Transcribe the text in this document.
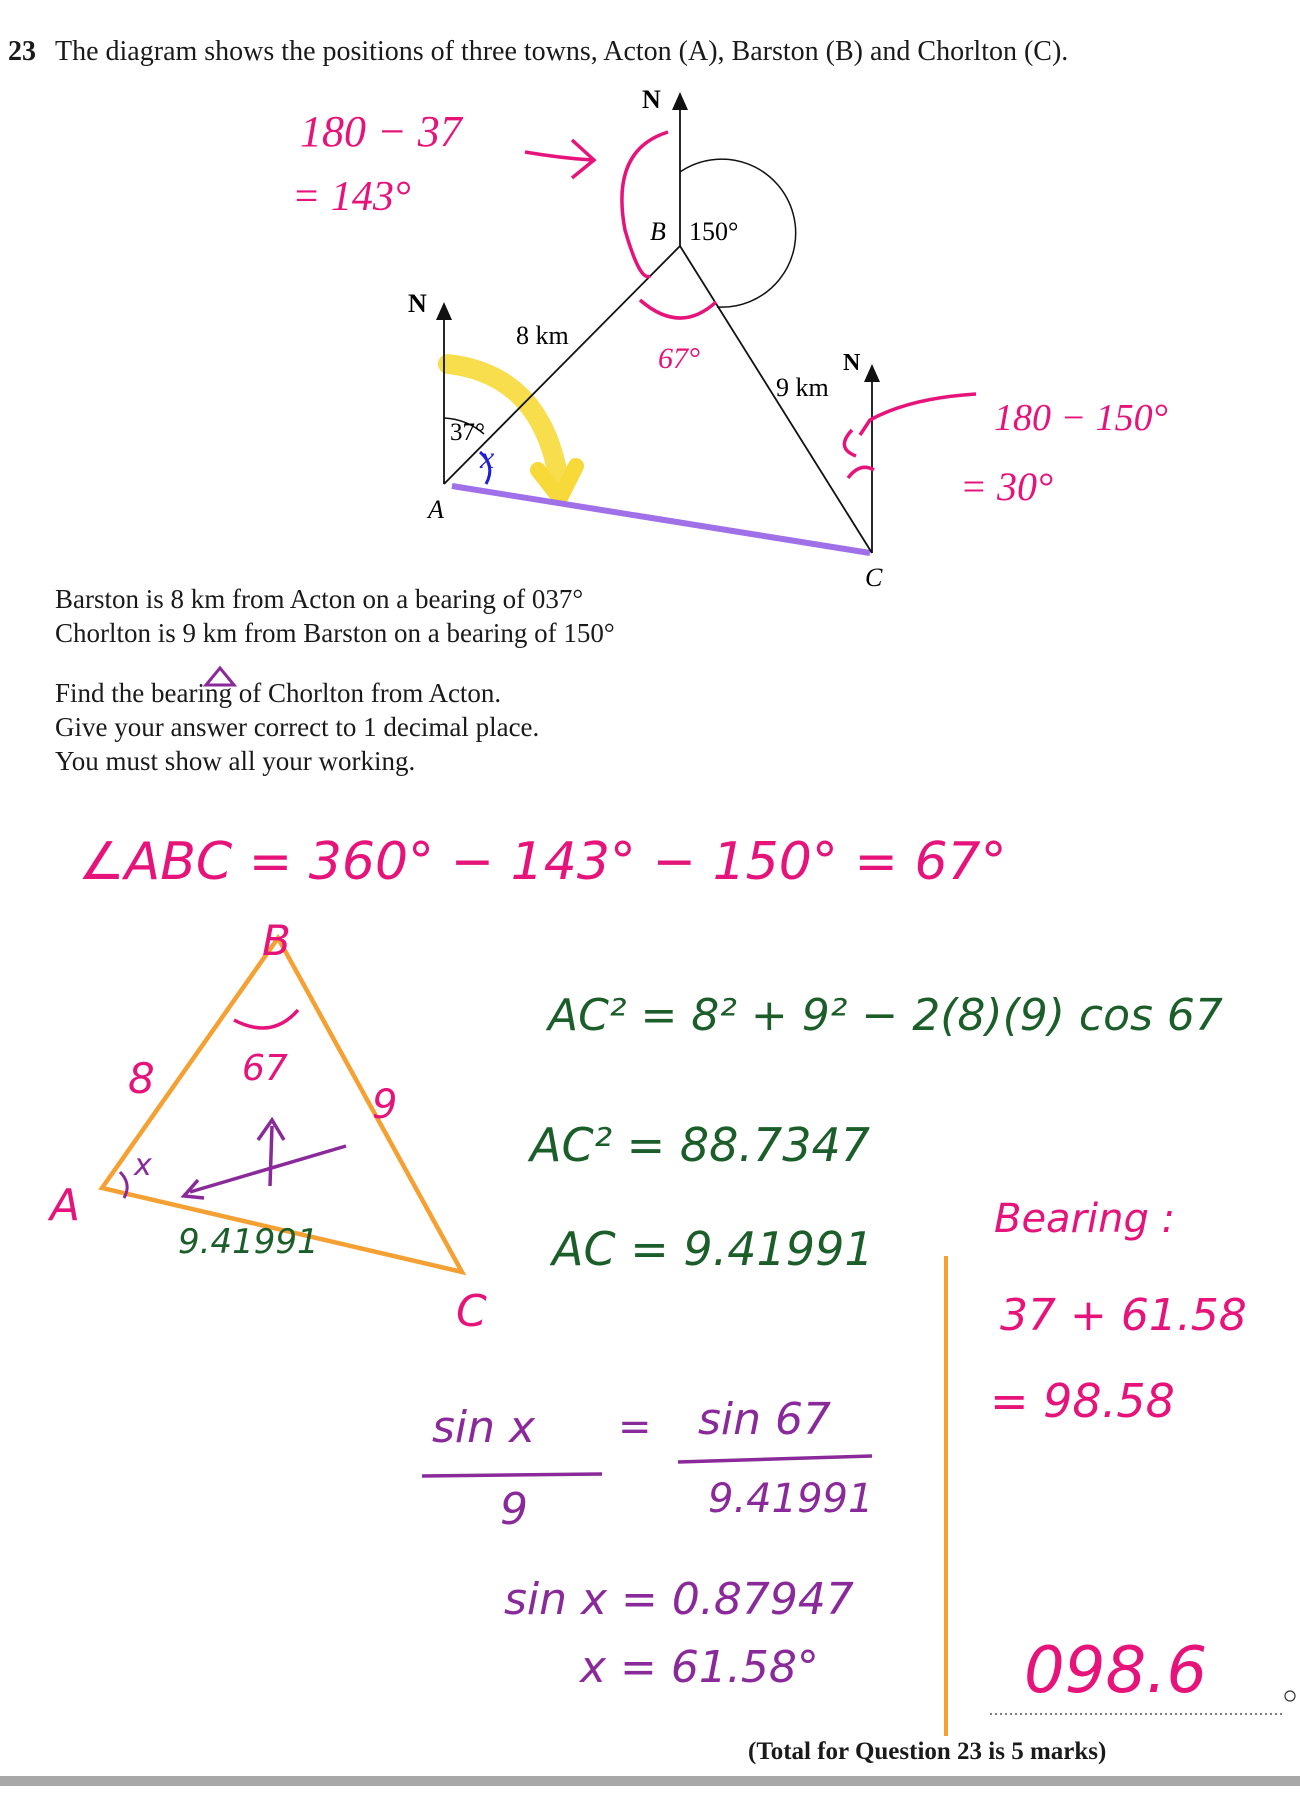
23 The diagram shows the positions of three towns, Acton (A), Barston (B) and Chorlton (C).
N
N
N
A
B
C
8 km
9 km
37°
150°
180 − 37
= 143°
67°
180 − 150°
= 30°
x
Barston is 8 km from Acton on a bearing of 037°
Chorlton is 9 km from Barston on a bearing of 150°
Find the bearing of Chorlton from Acton.
Give your answer correct to 1 decimal place.
You must show all your working.
∠ABC = 360° − 143° − 150° = 67°
B
A
C
8
9
67
x
9.41991
AC² = 8² + 9² − 2(8)(9) cos 67
AC² = 88.7347
AC = 9.41991
sin x
9
= sin 67
9.41991
sin x = 0.87947
x = 61.58°
Bearing :
37 + 61.58
= 98.58
098.6
(Total for Question 23 is 5 marks)
